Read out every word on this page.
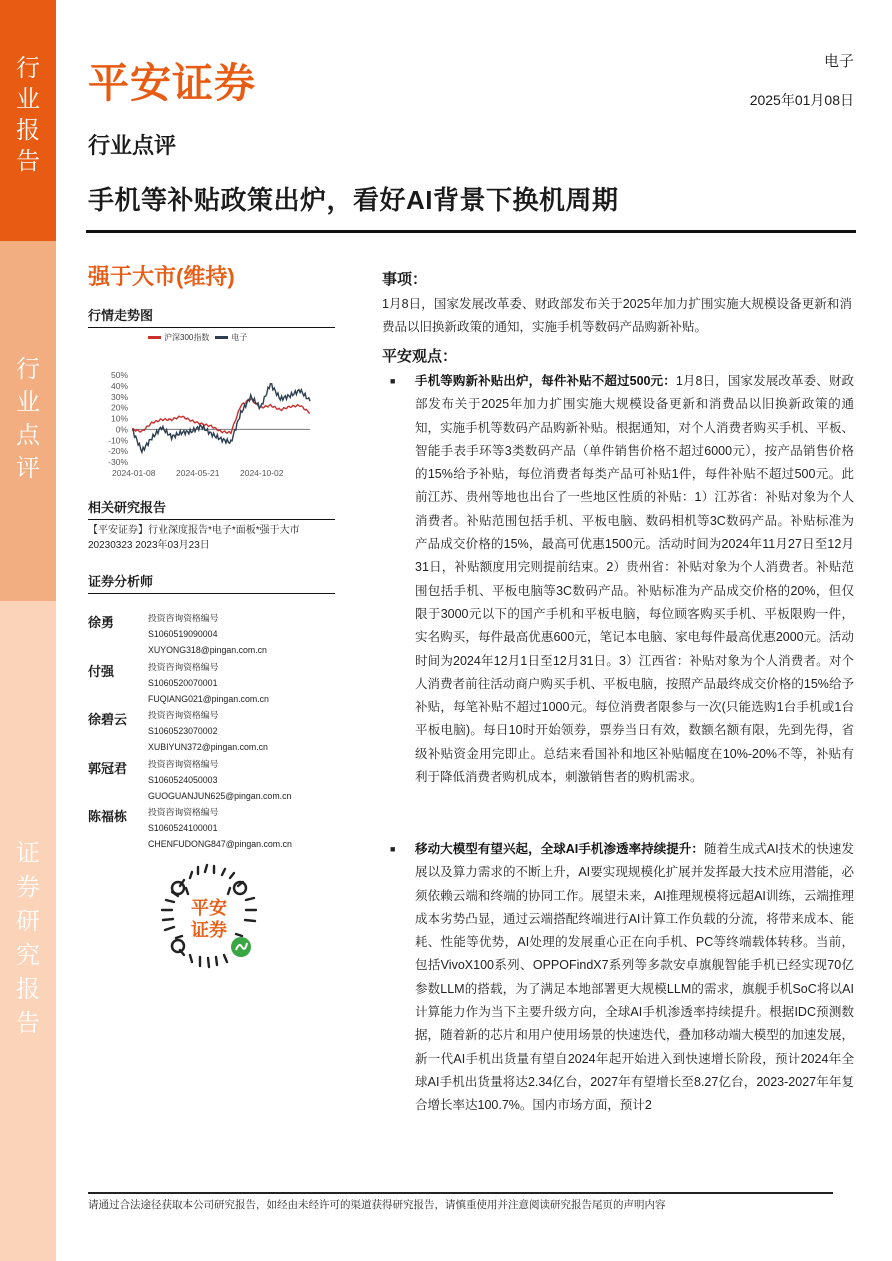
行业报告
行业点评
证券研究报告
平安证券	电子
2025年01月08日
行业点评
手机等补贴政策出炉，看好AI背景下换机周期
强于大市(维持)
行情走势图
沪深300指数	电子
50%
40%
30%
20%
10%
0%
-10%
-20%
-30%
2024-01-08 2024-05-21 2024-10-02
相关研究报告
【平安证券】行业深度报告*电子*面板*强于大市
20230323 2023年03月23日
证券分析师
徐勇	投资咨询资格编号
S1060519090004
XUYONG318@pingan.com.cn
付强	投资咨询资格编号
S1060520070001
FUQIANG021@pingan.com.cn
徐碧云 投资咨询资格编号
S1060523070002
XUBIYUN372@pingan.com.cn
郭冠君 投资咨询资格编号
S1060524050003
GUOGUANJUN625@pingan.com.cn
陈福栋 投资咨询资格编号
S1060524100001
CHENFUDONG847@pingan.com.cn
平安
证券
事项：
1月8日，国家发展改革委、财政部发布关于2025年加力扩围实施大规模设备更新和消费品以旧换新政策的通知，实施手机等数码产品购新补贴。
平安观点：
■ 手机等购新补贴出炉，每件补贴不超过500元：1月8日，国家发展改革委、财政部发布关于2025年加力扩围实施大规模设备更新和消费品以旧换新政策的通知，实施手机等数码产品购新补贴。根据通知，对个人消费者购买手机、平板、智能手表手环等3类数码产品（单件销售价格不超过6000元），按产品销售价格的15%给予补贴，每位消费者每类产品可补贴1件，每件补贴不超过500元。此前江苏、贵州等地也出台了一些地区性质的补贴：1）江苏省：补贴对象为个人消费者。补贴范围包括手机、平板电脑、数码相机等3C数码产品。补贴标准为产品成交价格的15%，最高可优惠1500元。活动时间为2024年11月27日至12月31日，补贴额度用完则提前结束。2）贵州省：补贴对象为个人消费者。补贴范围包括手机、平板电脑等3C数码产品。补贴标准为产品成交价格的20%，但仅限于3000元以下的国产手机和平板电脑，每位顾客购买手机、平板限购一件，实名购买，每件最高优惠600元，笔记本电脑、家电每件最高优惠2000元。活动时间为2024年12月1日至12月31日。3）江西省：补贴对象为个人消费者。对个人消费者前往活动商户购买手机、平板电脑，按照产品最终成交价格的15%给予补贴，每笔补贴不超过1000元。每位消费者限参与一次(只能选购1台手机或1台平板电脑)。每日10时开始领券，票券当日有效，数额名额有限，先到先得，省级补贴资金用完即止。总结来看国补和地区补贴幅度在10%-20%不等，补贴有利于降低消费者购机成本，刺激销售者的购机需求。
■ 移动大模型有望兴起，全球AI手机渗透率持续提升：随着生成式AI技术的快速发展以及算力需求的不断上升，AI要实现规模化扩展并发挥最大技术应用潜能，必须依赖云端和终端的协同工作。展望未来，AI推理规模将远超AI训练，云端推理成本劣势凸显，通过云端搭配终端进行AI计算工作负载的分流，将带来成本、能耗、性能等优势，AI处理的发展重心正在向手机、PC等终端载体转移。当前，包括VivoX100系列、OPPOFindX7系列等多款安卓旗舰智能手机已经实现70亿参数LLM的搭载，为了满足本地部署更大规模LLM的需求，旗舰手机SoC将以AI计算能力作为当下主要升级方向，全球AI手机渗透率持续提升。根据IDC预测数据，随着新的芯片和用户使用场景的快速迭代，叠加移动端大模型的加速发展，新一代AI手机出货量有望自2024年起开始进入到快速增长阶段，预计2024年全球AI手机出货量将达2.34亿台，2027年有望增长至8.27亿台，2023-2027年年复合增长率达100.7%。国内市场方面，预计2
请通过合法途径获取本公司研究报告，如经由未经许可的渠道获得研究报告，请慎重使用并注意阅读研究报告尾页的声明内容
